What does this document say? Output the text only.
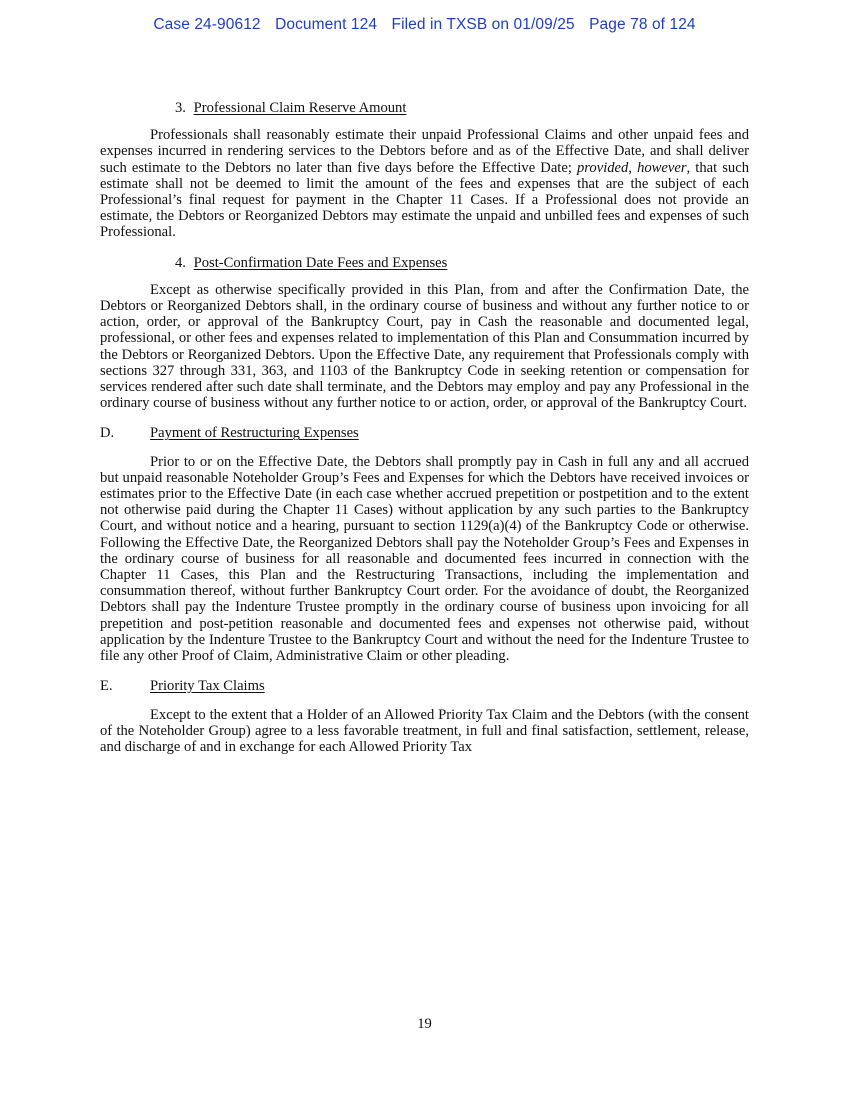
Case 24-90612 Document 124 Filed in TXSB on 01/09/25 Page 78 of 124
3. Professional Claim Reserve Amount

Professionals shall reasonably estimate their unpaid Professional Claims and other unpaid fees and expenses incurred in rendering services to the Debtors before and as of the Effective Date, and shall deliver such estimate to the Debtors no later than five days before the Effective Date; provided, however, that such estimate shall not be deemed to limit the amount of the fees and expenses that are the subject of each Professional’s final request for payment in the Chapter 11 Cases. If a Professional does not provide an estimate, the Debtors or Reorganized Debtors may estimate the unpaid and unbilled fees and expenses of such Professional.

4. Post-Confirmation Date Fees and Expenses

Except as otherwise specifically provided in this Plan, from and after the Confirmation Date, the Debtors or Reorganized Debtors shall, in the ordinary course of business and without any further notice to or action, order, or approval of the Bankruptcy Court, pay in Cash the reasonable and documented legal, professional, or other fees and expenses related to implementation of this Plan and Consummation incurred by the Debtors or Reorganized Debtors. Upon the Effective Date, any requirement that Professionals comply with sections 327 through 331, 363, and 1103 of the Bankruptcy Code in seeking retention or compensation for services rendered after such date shall terminate, and the Debtors may employ and pay any Professional in the ordinary course of business without any further notice to or action, order, or approval of the Bankruptcy Court.

D. Payment of Restructuring Expenses

Prior to or on the Effective Date, the Debtors shall promptly pay in Cash in full any and all accrued but unpaid reasonable Noteholder Group’s Fees and Expenses for which the Debtors have received invoices or estimates prior to the Effective Date (in each case whether accrued prepetition or postpetition and to the extent not otherwise paid during the Chapter 11 Cases) without application by any such parties to the Bankruptcy Court, and without notice and a hearing, pursuant to section 1129(a)(4) of the Bankruptcy Code or otherwise. Following the Effective Date, the Reorganized Debtors shall pay the Noteholder Group’s Fees and Expenses in the ordinary course of business for all reasonable and documented fees incurred in connection with the Chapter 11 Cases, this Plan and the Restructuring Transactions, including the implementation and consummation thereof, without further Bankruptcy Court order. For the avoidance of doubt, the Reorganized Debtors shall pay the Indenture Trustee promptly in the ordinary course of business upon invoicing for all prepetition and post-petition reasonable and documented fees and expenses not otherwise paid, without application by the Indenture Trustee to the Bankruptcy Court and without the need for the Indenture Trustee to file any other Proof of Claim, Administrative Claim or other pleading.

E.	Priority Tax Claims

Except to the extent that a Holder of an Allowed Priority Tax Claim and the Debtors (with the consent of the Noteholder Group) agree to a less favorable treatment, in full and final satisfaction, settlement, release, and discharge of and in exchange for each Allowed Priority Tax

19
